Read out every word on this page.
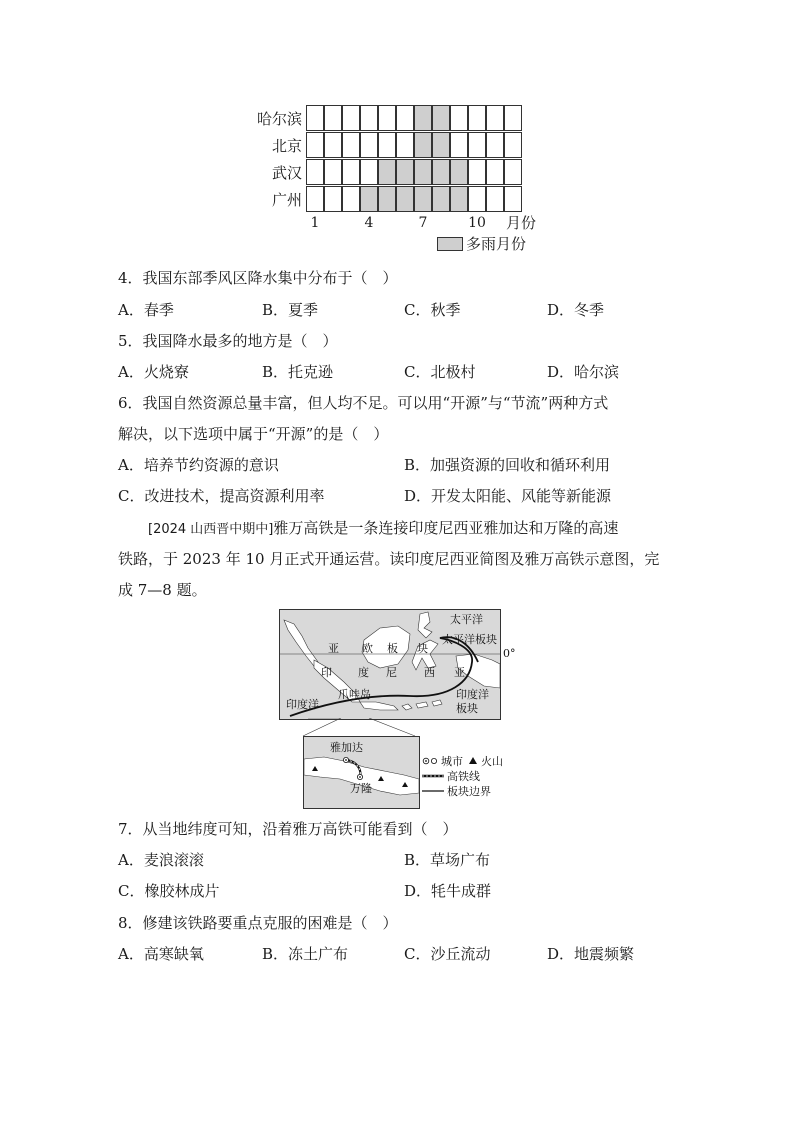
哈尔滨
北京
武汉
广州
1	4	7	10 月份
多雨月份
4．我国东部季风区降水集中分布于（　）
A．春季	B．夏季	C．秋季	D．冬季
5．我国降水最多的地方是（　）
A．火烧寮	B．托克逊	C．北极村	D．哈尔滨
6．我国自然资源总量丰富，但人均不足。可以用“开源”与“节流”两种方式
解决，以下选项中属于“开源”的是（　）
A．培养节约资源的意识	B．加强资源的回收和循环利用
C．改进技术，提高资源利用率	D．开发太阳能、风能等新能源
[2024 山西晋中期中]雅万高铁是一条连接印度尼西亚雅加达和万隆的高速
铁路，于 2023 年 10 月正式开通运营。读印度尼西亚简图及雅万高铁示意图，完
成 7—8 题。
太平洋
太平洋板块
0°
亚 欧 板 块
印 度 尼 西 亚
爪哇岛
印度洋
印度洋
板块
雅加达
万隆
城市 火山
高铁线
板块边界
7．从当地纬度可知，沿着雅万高铁可能看到（　）
A．麦浪滚滚	B．草场广布
C．橡胶林成片	D．牦牛成群
8．修建该铁路要重点克服的困难是（　）
A．高寒缺氧	B．冻土广布	C．沙丘流动	D．地震频繁
